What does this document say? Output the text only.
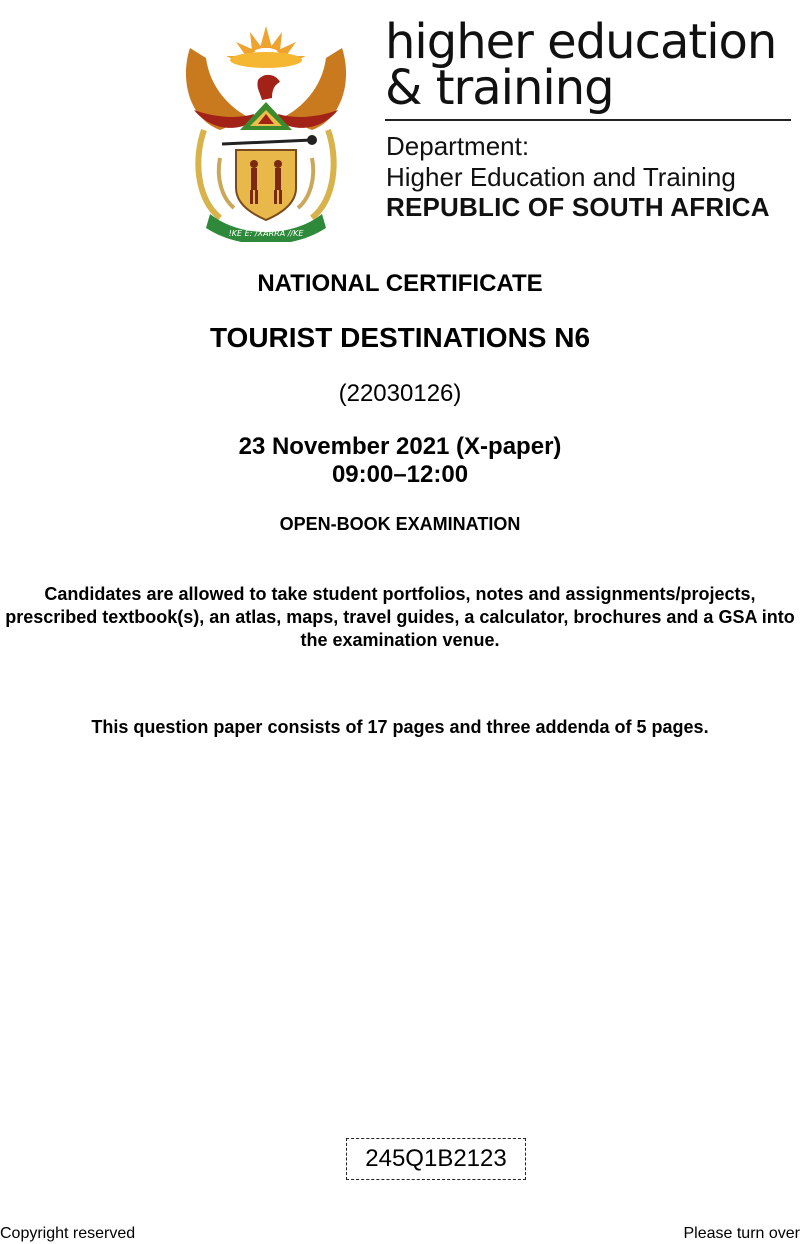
!KE E: /XARRA //KE
higher education
& training
Department:
Higher Education and Training
REPUBLIC OF SOUTH AFRICA
NATIONAL CERTIFICATE
TOURIST DESTINATIONS N6
(22030126)
23 November 2021 (X-paper)
09:00–12:00
OPEN-BOOK EXAMINATION
Candidates are allowed to take student portfolios, notes and assignments/projects, prescribed textbook(s), an atlas, maps, travel guides, a calculator, brochures and a GSA into the examination venue.
This question paper consists of 17 pages and three addenda of 5 pages.
245Q1B2123
Copyright reserved	Please turn over
